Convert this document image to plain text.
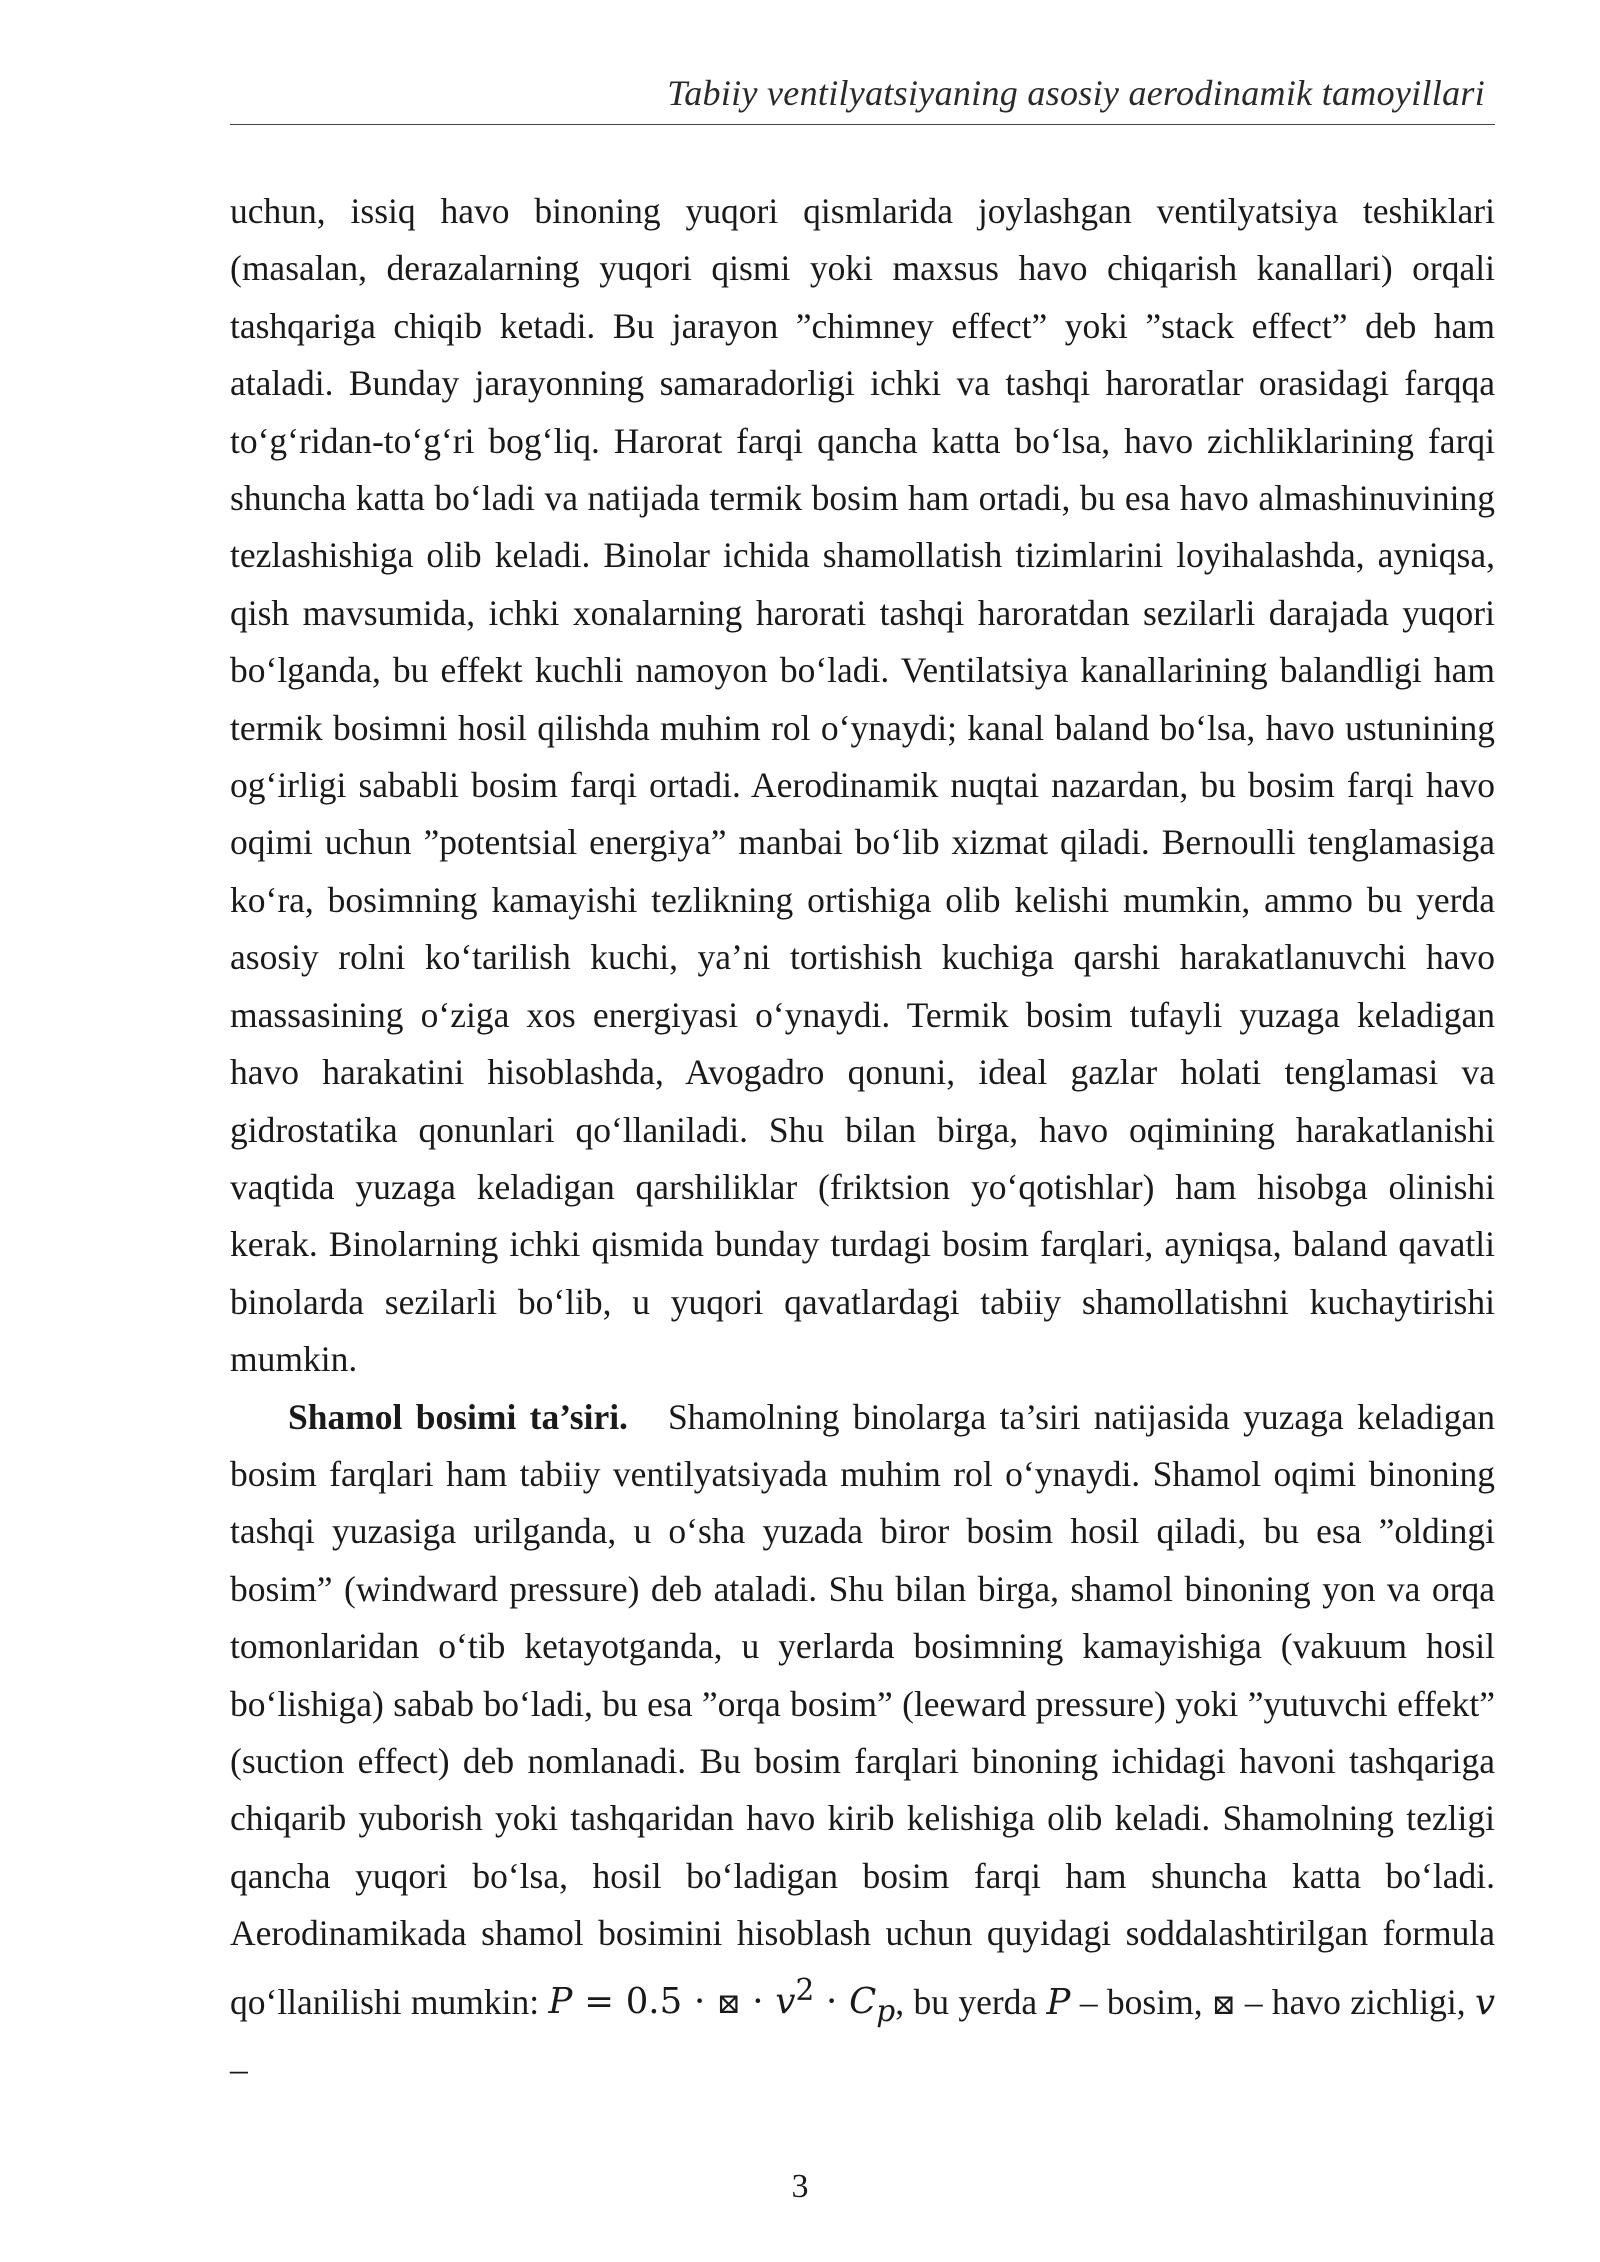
Tabiiy ventilyatsiyaning asosiy aerodinamik tamoyillari

uchun, issiq havo binoning yuqori qismlarida joylashgan ventilyatsiya teshiklari (masalan, derazalarning yuqori qismi yoki maxsus havo chiqarish kanallari) orqali tashqariga chiqib ketadi. Bu jarayon ”chimney effect” yoki ”stack effect” deb ham ataladi. Bunday jarayonning samaradorligi ichki va tashqi haroratlar orasidagi farqqa to‘g‘ridan-to‘g‘ri bog‘liq. Harorat farqi qancha katta bo‘lsa, havo zichliklarining farqi shuncha katta bo‘ladi va natijada termik bosim ham ortadi, bu esa havo almashinuvining tezlashishiga olib keladi. Binolar ichida shamollatish tizimlarini loyihalashda, ayniqsa, qish mavsumida, ichki xonalarning harorati tashqi haroratdan sezilarli darajada yuqori bo‘lganda, bu effekt kuchli namoyon bo‘ladi. Ventilatsiya kanallarining balandligi ham termik bosimni hosil qilishda muhim rol o‘ynaydi; kanal baland bo‘lsa, havo ustunining og‘irligi sababli bosim farqi ortadi. Aerodinamik nuqtai nazardan, bu bosim farqi havo oqimi uchun ”potentsial energiya” manbai bo‘lib xizmat qiladi. Bernoulli tenglamasiga ko‘ra, bosimning kamayishi tezlikning ortishiga olib kelishi mumkin, ammo bu yerda asosiy rolni ko‘tarilish kuchi, ya’ni tortishish kuchiga qarshi harakatlanuvchi havo massasining o‘ziga xos energiyasi o‘ynaydi. Termik bosim tufayli yuzaga keladigan havo harakatini hisoblashda, Avogadro qonuni, ideal gazlar holati tenglamasi va gidrostatika qonunlari qo‘llaniladi. Shu bilan birga, havo oqimining harakatlanishi vaqtida yuzaga keladigan qarshiliklar (friktsion yo‘qotishlar) ham hisobga olinishi kerak. Binolarning ichki qismida bunday turdagi bosim farqlari, ayniqsa, baland qavatli binolarda sezilarli bo‘lib, u yuqori qavatlardagi tabiiy shamollatishni kuchaytirishi mumkin.

Shamol bosimi ta’siri. Shamolning binolarga ta’siri natijasida yuzaga keladigan bosim farqlari ham tabiiy ventilyatsiyada muhim rol o‘ynaydi. Shamol oqimi binoning tashqi yuzasiga urilganda, u o‘sha yuzada biror bosim hosil qiladi, bu esa ”oldingi bosim” (windward pressure) deb ataladi. Shu bilan birga, shamol binoning yon va orqa tomonlaridan o‘tib ketayotganda, u yerlarda bosimning kamayishiga (vakuum hosil bo‘lishiga) sabab bo‘ladi, bu esa ”orqa bosim” (leeward pressure) yoki ”yutuvchi effekt” (suction effect) deb nomlanadi. Bu bosim farqlari binoning ichidagi havoni tashqariga chiqarib yuborish yoki tashqaridan havo kirib kelishiga olib keladi. Shamolning tezligi qancha yuqori bo‘lsa, hosil bo‘ladigan bosim farqi ham shuncha katta bo‘ladi. Aerodinamikada shamol bosimini hisoblash uchun quyidagi soddalashtirilgan formula qo‘llanilishi mumkin: P = 0.5 · ⊠ · $v^2 \cdot C_p$, bu yerda P – bosim, ⊠ – havo zichligi, v –

3
